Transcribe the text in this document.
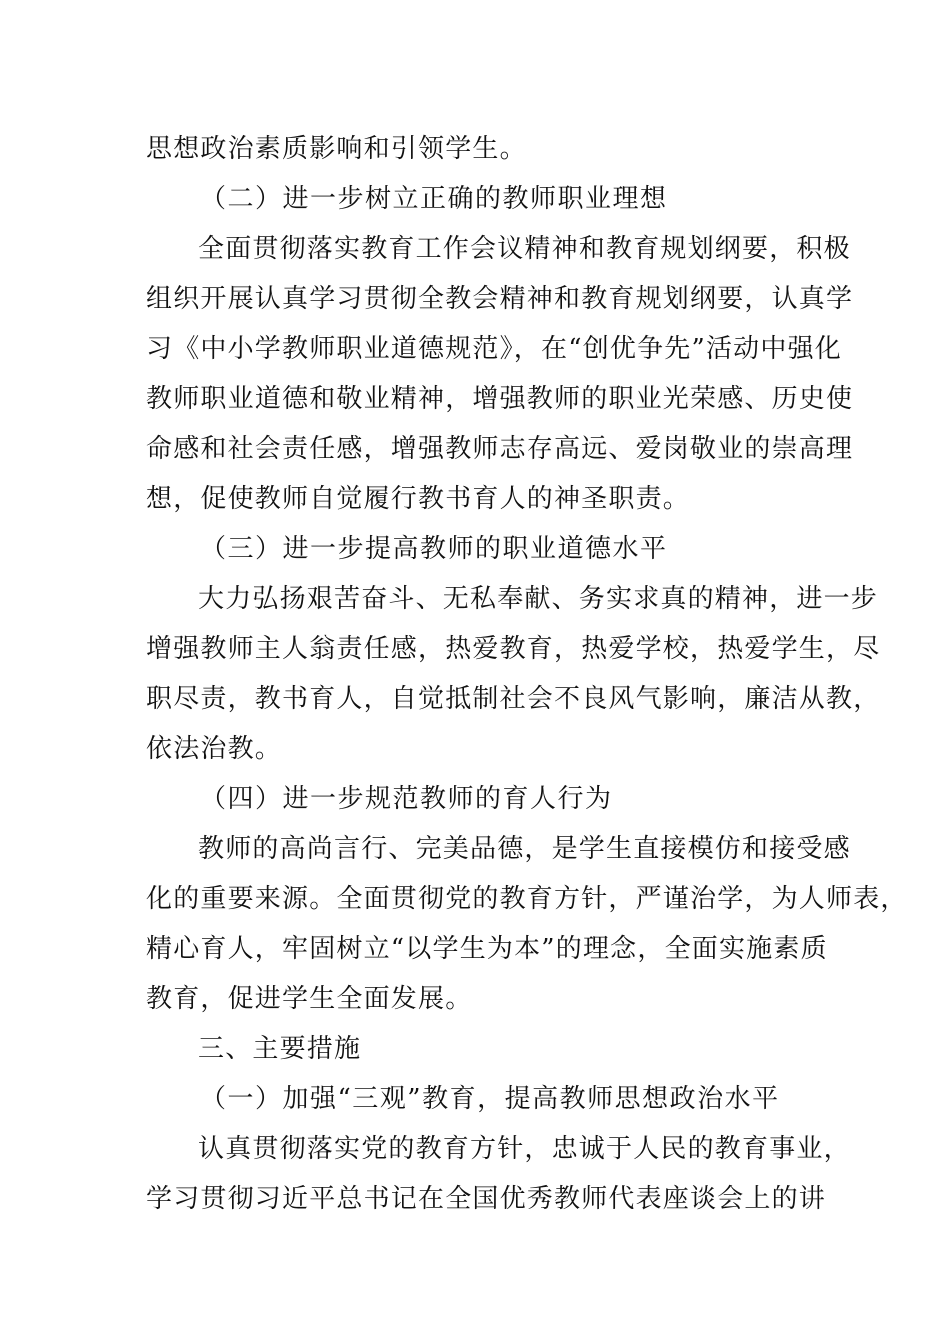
思想政治素质影响和引领学生。
（二）进一步树立正确的教师职业理想
全面贯彻落实教育工作会议精神和教育规划纲要，积极
组织开展认真学习贯彻全教会精神和教育规划纲要，认真学
习《中小学教师职业道德规范》，在“创优争先”活动中强化
教师职业道德和敬业精神，增强教师的职业光荣感、历史使
命感和社会责任感，增强教师志存高远、爱岗敬业的崇高理
想，促使教师自觉履行教书育人的神圣职责。
（三）进一步提高教师的职业道德水平
大力弘扬艰苦奋斗、无私奉献、务实求真的精神，进一步
增强教师主人翁责任感，热爱教育，热爱学校，热爱学生，尽
职尽责，教书育人，自觉抵制社会不良风气影响，廉洁从教，
依法治教。
（四）进一步规范教师的育人行为
教师的高尚言行、完美品德，是学生直接模仿和接受感
化的重要来源。全面贯彻党的教育方针，严谨治学，为人师表，
精心育人，牢固树立“以学生为本”的理念，全面实施素质
教育，促进学生全面发展。
三、主要措施
（一）加强“三观”教育，提高教师思想政治水平
认真贯彻落实党的教育方针，忠诚于人民的教育事业，
学习贯彻习近平总书记在全国优秀教师代表座谈会上的讲
